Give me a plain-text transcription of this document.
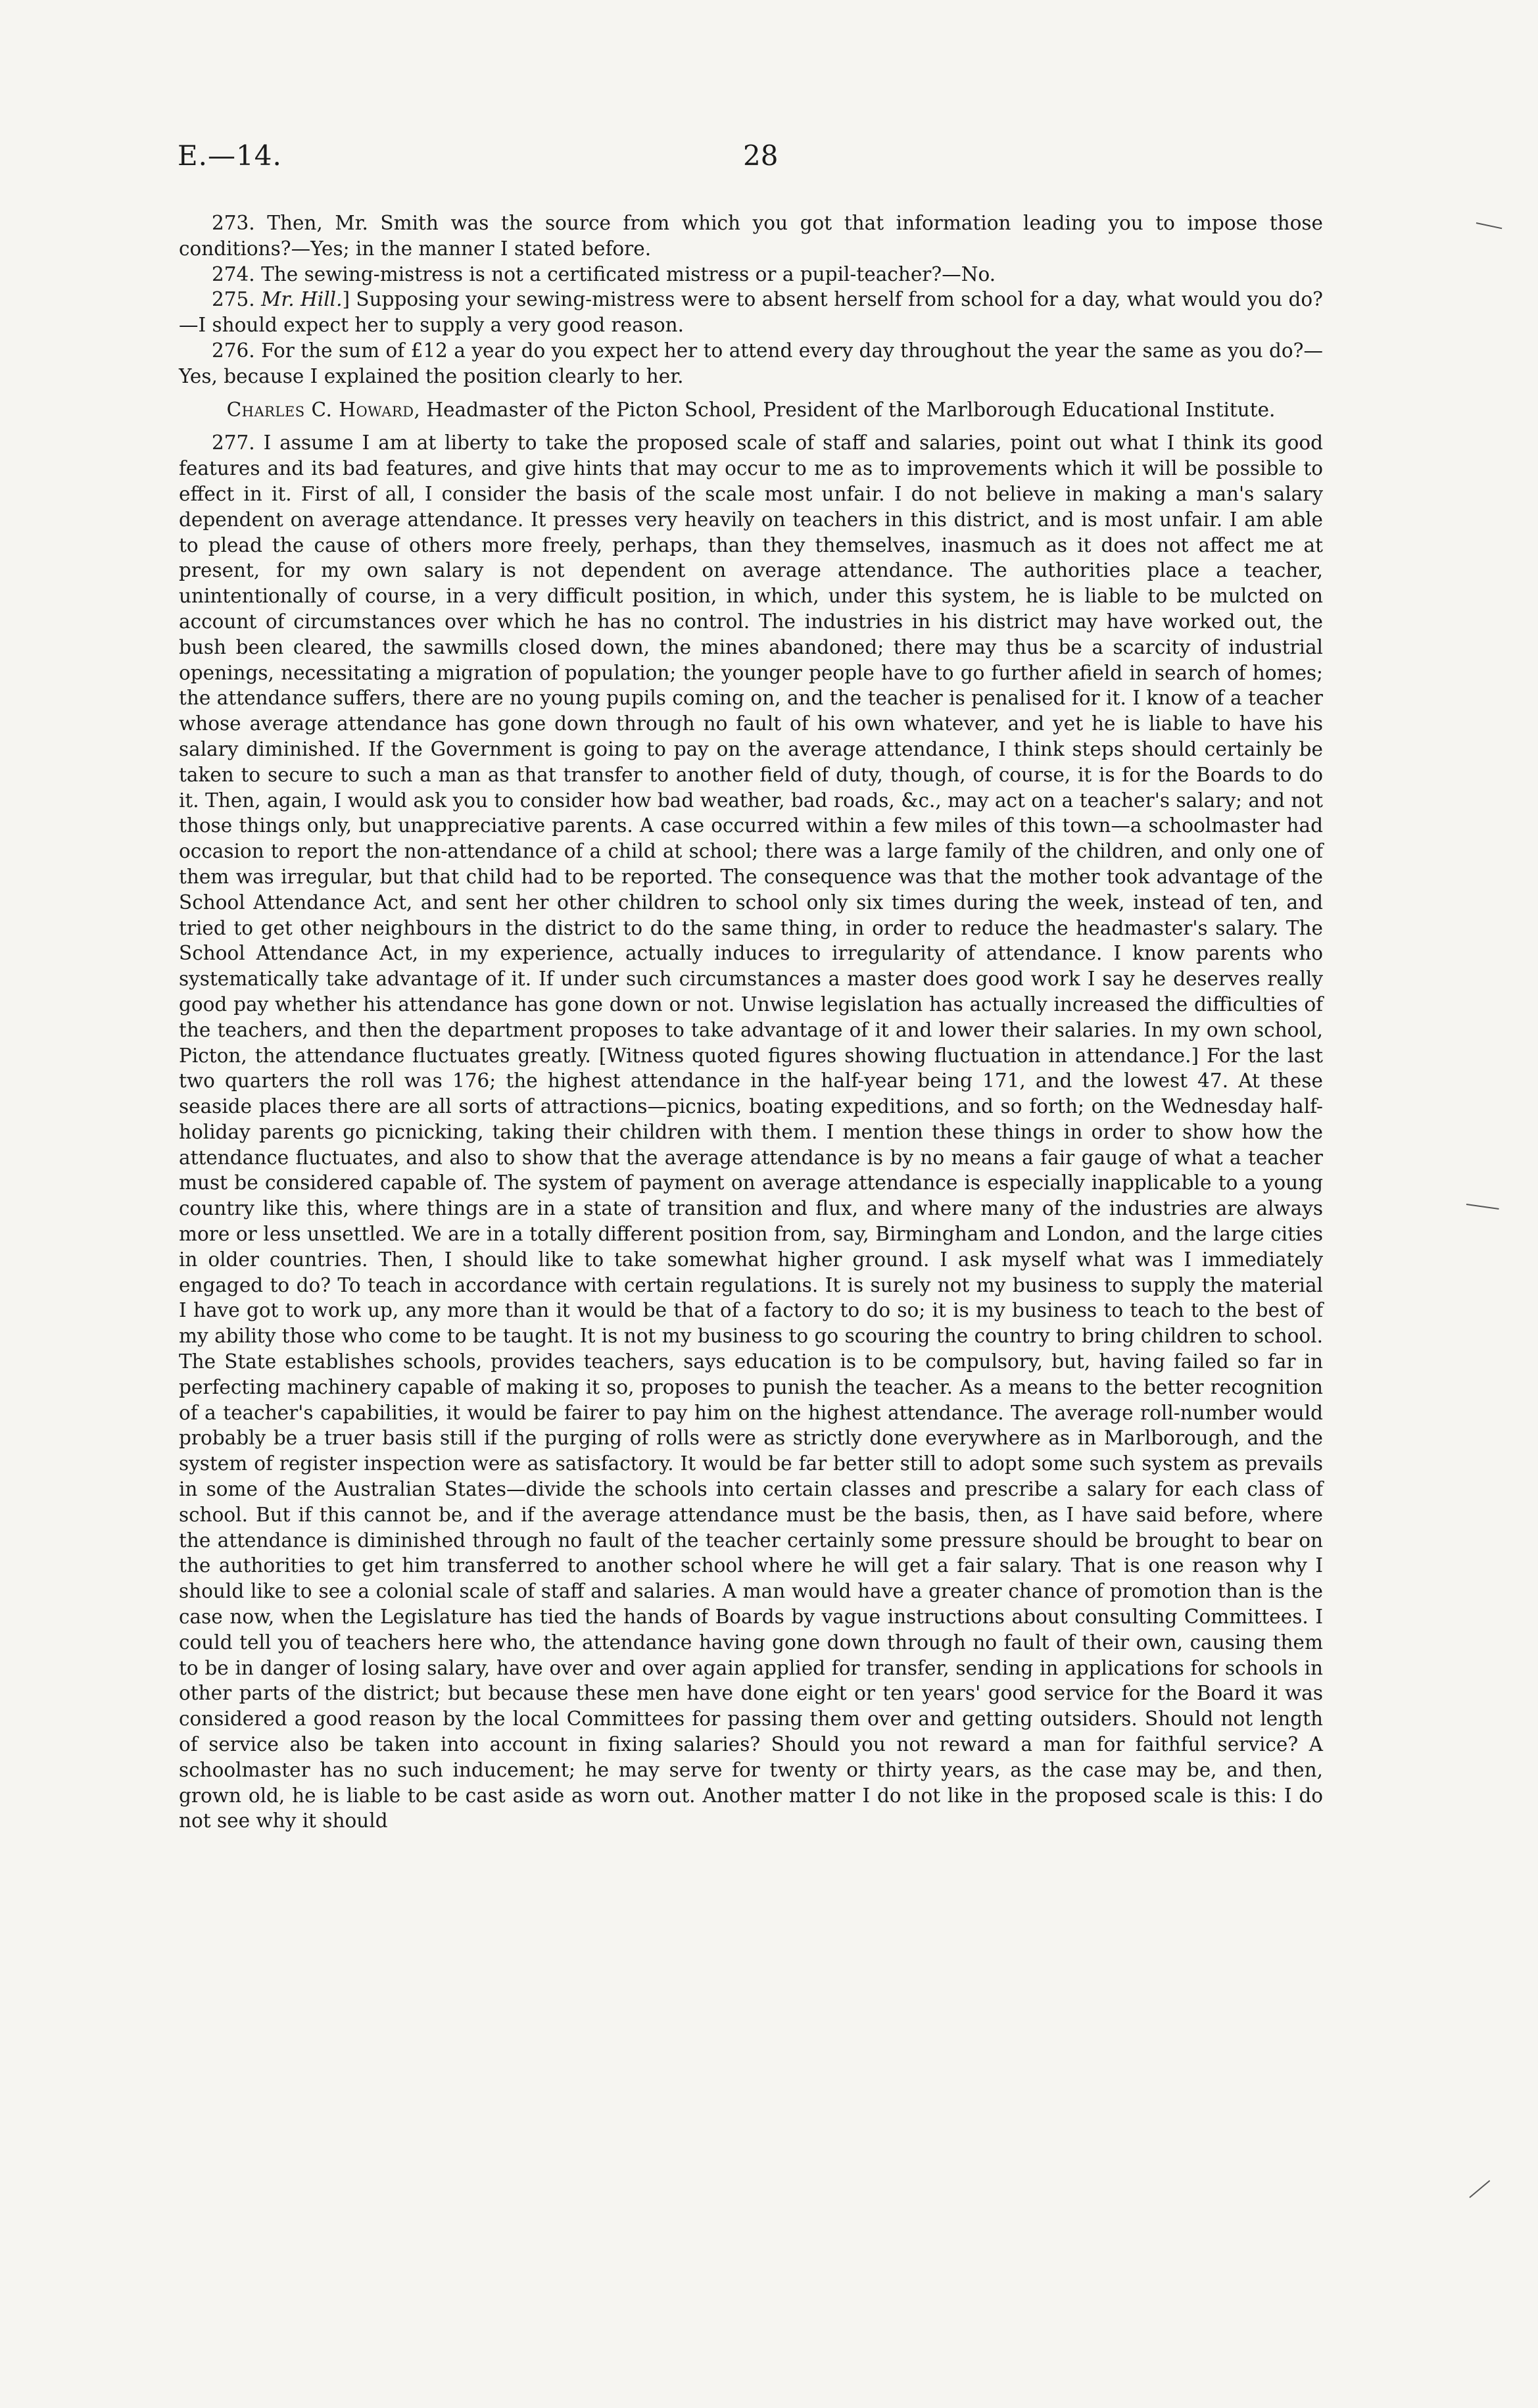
E.—14.	28

273. Then, Mr. Smith was the source from which you got that information leading you to impose those conditions?—Yes; in the manner I stated before.

274. The sewing-mistress is not a certificated mistress or a pupil-teacher?—No.

275. Mr. Hill.] Supposing your sewing-mistress were to absent herself from school for a day, what would you do?—I should expect her to supply a very good reason.

276. For the sum of £12 a year do you expect her to attend every day throughout the year the same as you do?—Yes, because I explained the position clearly to her.

Charles C. Howard, Headmaster of the Picton School, President of the Marlborough Educational Institute.

277. I assume I am at liberty to take the proposed scale of staff and salaries, point out what I think its good features and its bad features, and give hints that may occur to me as to improvements which it will be possible to effect in it. First of all, I consider the basis of the scale most unfair. I do not believe in making a man's salary dependent on average attendance. It presses very heavily on teachers in this district, and is most unfair. I am able to plead the cause of others more freely, perhaps, than they themselves, inasmuch as it does not affect me at present, for my own salary is not dependent on average attendance. The authorities place a teacher, unintentionally of course, in a very difficult position, in which, under this system, he is liable to be mulcted on account of circumstances over which he has no control. The industries in his district may have worked out, the bush been cleared, the sawmills closed down, the mines abandoned; there may thus be a scarcity of industrial openings, necessitating a migration of population; the younger people have to go further afield in search of homes; the attendance suffers, there are no young pupils coming on, and the teacher is penalised for it. I know of a teacher whose average attendance has gone down through no fault of his own whatever, and yet he is liable to have his salary diminished. If the Government is going to pay on the average attendance, I think steps should certainly be taken to secure to such a man as that transfer to another field of duty, though, of course, it is for the Boards to do it. Then, again, I would ask you to consider how bad weather, bad roads, &c., may act on a teacher's salary; and not those things only, but unappreciative parents. A case occurred within a few miles of this town—a schoolmaster had occasion to report the non-attendance of a child at school; there was a large family of the children, and only one of them was irregular, but that child had to be reported. The consequence was that the mother took advantage of the School Attendance Act, and sent her other children to school only six times during the week, instead of ten, and tried to get other neighbours in the district to do the same thing, in order to reduce the headmaster's salary. The School Attendance Act, in my experience, actually induces to irregularity of attendance. I know parents who systematically take advantage of it. If under such circumstances a master does good work I say he deserves really good pay whether his attendance has gone down or not. Unwise legislation has actually increased the difficulties of the teachers, and then the department proposes to take advantage of it and lower their salaries. In my own school, Picton, the attendance fluctuates greatly. [Witness quoted figures showing fluctuation in attendance.] For the last two quarters the roll was 176; the highest attendance in the half-year being 171, and the lowest 47. At these seaside places there are all sorts of attractions—picnics, boating expeditions, and so forth; on the Wednesday half-holiday parents go picnicking, taking their children with them. I mention these things in order to show how the attendance fluctuates, and also to show that the average attendance is by no means a fair gauge of what a teacher must be considered capable of. The system of payment on average attendance is especially inapplicable to a young country like this, where things are in a state of transition and flux, and where many of the industries are always more or less unsettled. We are in a totally different position from, say, Birmingham and London, and the large cities in older countries. Then, I should like to take somewhat higher ground. I ask myself what was I immediately engaged to do? To teach in accordance with certain regulations. It is surely not my business to supply the material I have got to work up, any more than it would be that of a factory to do so; it is my business to teach to the best of my ability those who come to be taught. It is not my business to go scouring the country to bring children to school. The State establishes schools, provides teachers, says education is to be compulsory, but, having failed so far in perfecting machinery capable of making it so, proposes to punish the teacher. As a means to the better recognition of a teacher's capabilities, it would be fairer to pay him on the highest attendance. The average roll-number would probably be a truer basis still if the purging of rolls were as strictly done everywhere as in Marlborough, and the system of register inspection were as satisfactory. It would be far better still to adopt some such system as prevails in some of the Australian States—divide the schools into certain classes and prescribe a salary for each class of school. But if this cannot be, and if the average attendance must be the basis, then, as I have said before, where the attendance is diminished through no fault of the teacher certainly some pressure should be brought to bear on the authorities to get him transferred to another school where he will get a fair salary. That is one reason why I should like to see a colonial scale of staff and salaries. A man would have a greater chance of promotion than is the case now, when the Legislature has tied the hands of Boards by vague instructions about consulting Committees. I could tell you of teachers here who, the attendance having gone down through no fault of their own, causing them to be in danger of losing salary, have over and over again applied for transfer, sending in applications for schools in other parts of the district; but because these men have done eight or ten years' good service for the Board it was considered a good reason by the local Committees for passing them over and getting outsiders. Should not length of service also be taken into account in fixing salaries? Should you not reward a man for faithful service? A schoolmaster has no such inducement; he may serve for twenty or thirty years, as the case may be, and then, grown old, he is liable to be cast aside as worn out. Another matter I do not like in the proposed scale is this: I do not see why it should
